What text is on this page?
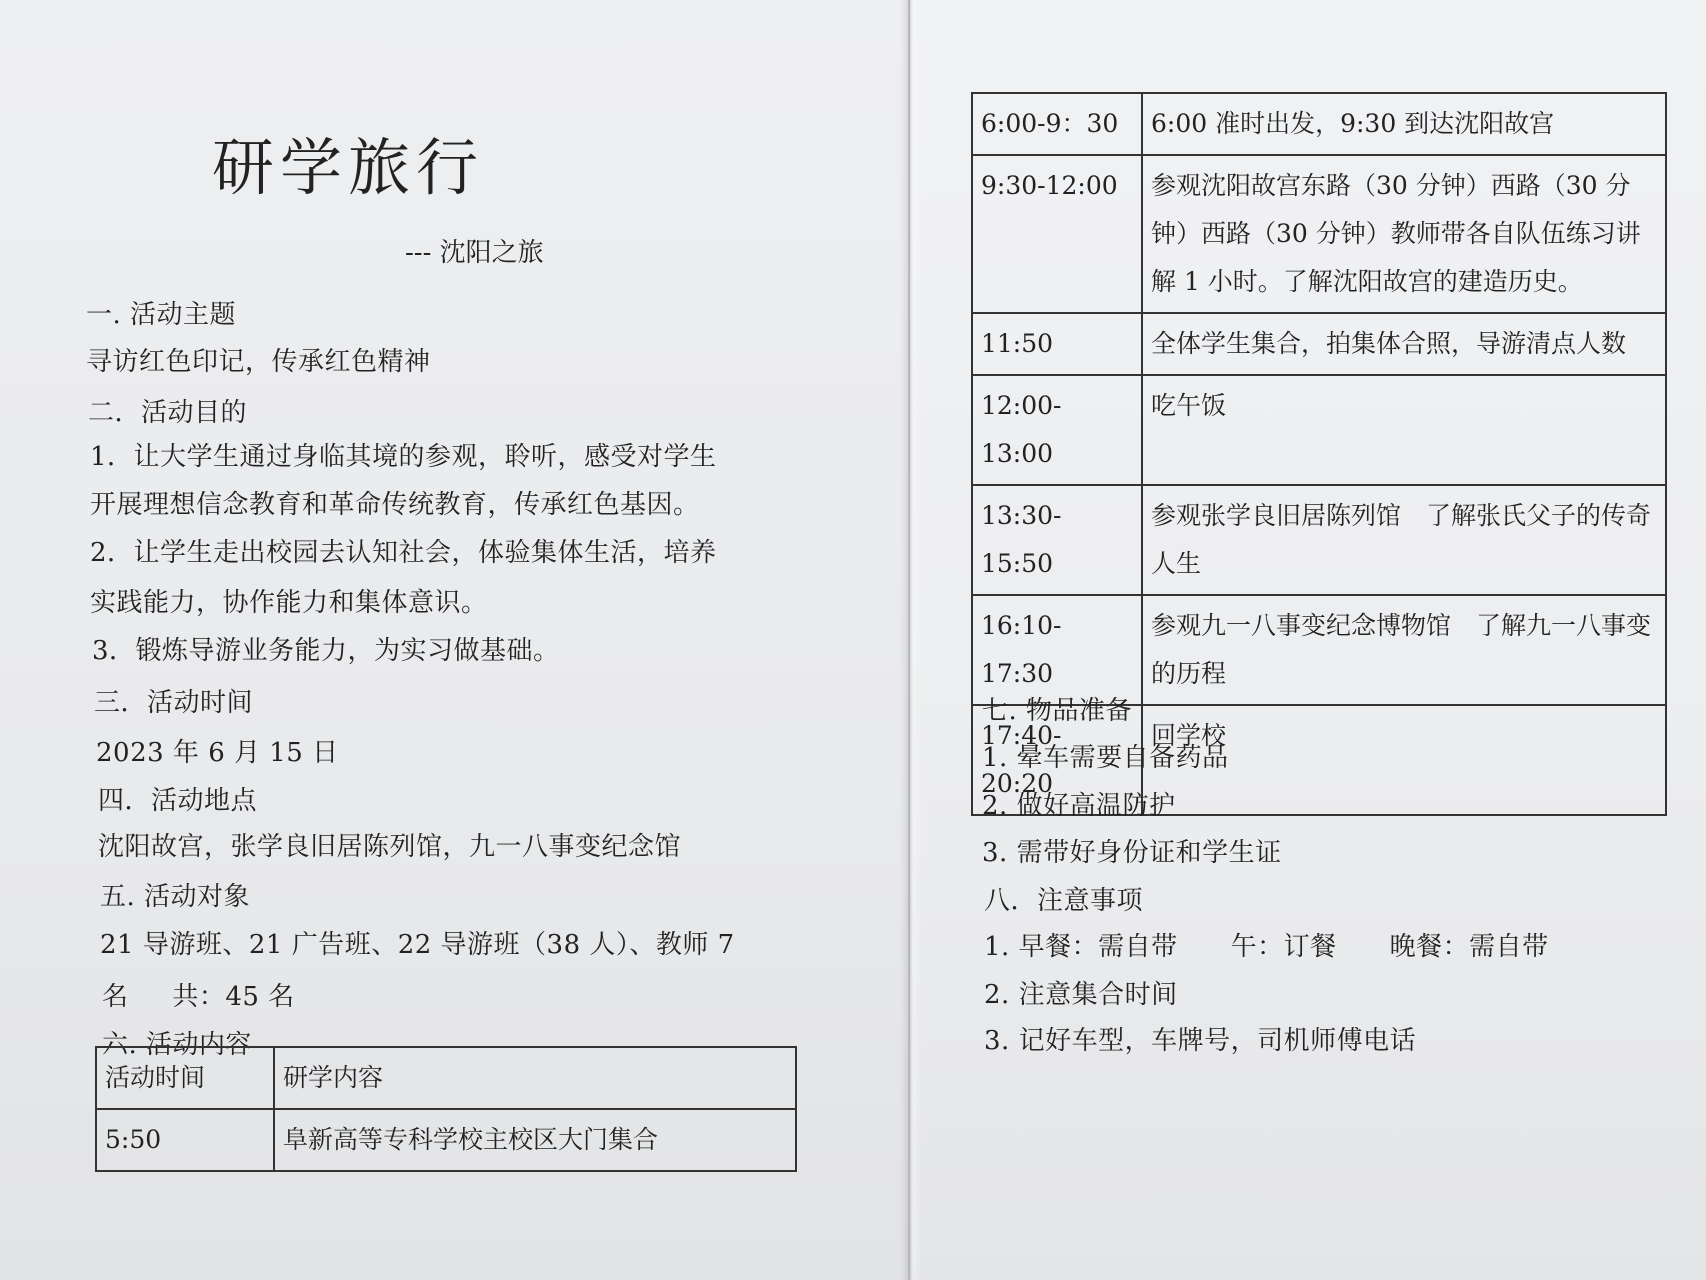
研学旅行
--- 沈阳之旅
一. 活动主题
寻访红色印记，传承红色精神
二．活动目的
1．让大学生通过身临其境的参观，聆听，感受对学生
开展理想信念教育和革命传统教育，传承红色基因。
2．让学生走出校园去认知社会，体验集体生活，培养
实践能力，协作能力和集体意识。
3．锻炼导游业务能力，为实习做基础。
三．活动时间
2023 年 6 月 15 日
四．活动地点
沈阳故宫，张学良旧居陈列馆，九一八事变纪念馆
五. 活动对象
21 导游班、21 广告班、22 导游班（38 人）、教师 7
名     共：45 名
六. 活动内容
活动时间	研学内容
5:50	阜新高等专科学校主校区大门集合
6:00-9：30	6:00 准时出发，9:30 到达沈阳故宫
9:30-12:00	参观沈阳故宫东路（30 分钟）西路（30 分钟）西路（30 分钟）教师带各自队伍练习讲解 1 小时。了解沈阳故宫的建造历史。
11:50	全体学生集合，拍集体合照，导游清点人数
12:00-13:00	吃午饭
13:30-15:50	参观张学良旧居陈列馆　了解张氏父子的传奇人生
16:10-17:30	参观九一八事变纪念博物馆　了解九一八事变的历程
17:40-20:20	回学校
七. 物品准备
1. 晕车需要自备药品
2. 做好高温防护
3. 需带好身份证和学生证
八．注意事项
1. 早餐：需自带　　午：订餐　　晚餐：需自带
2. 注意集合时间
3. 记好车型，车牌号，司机师傅电话
